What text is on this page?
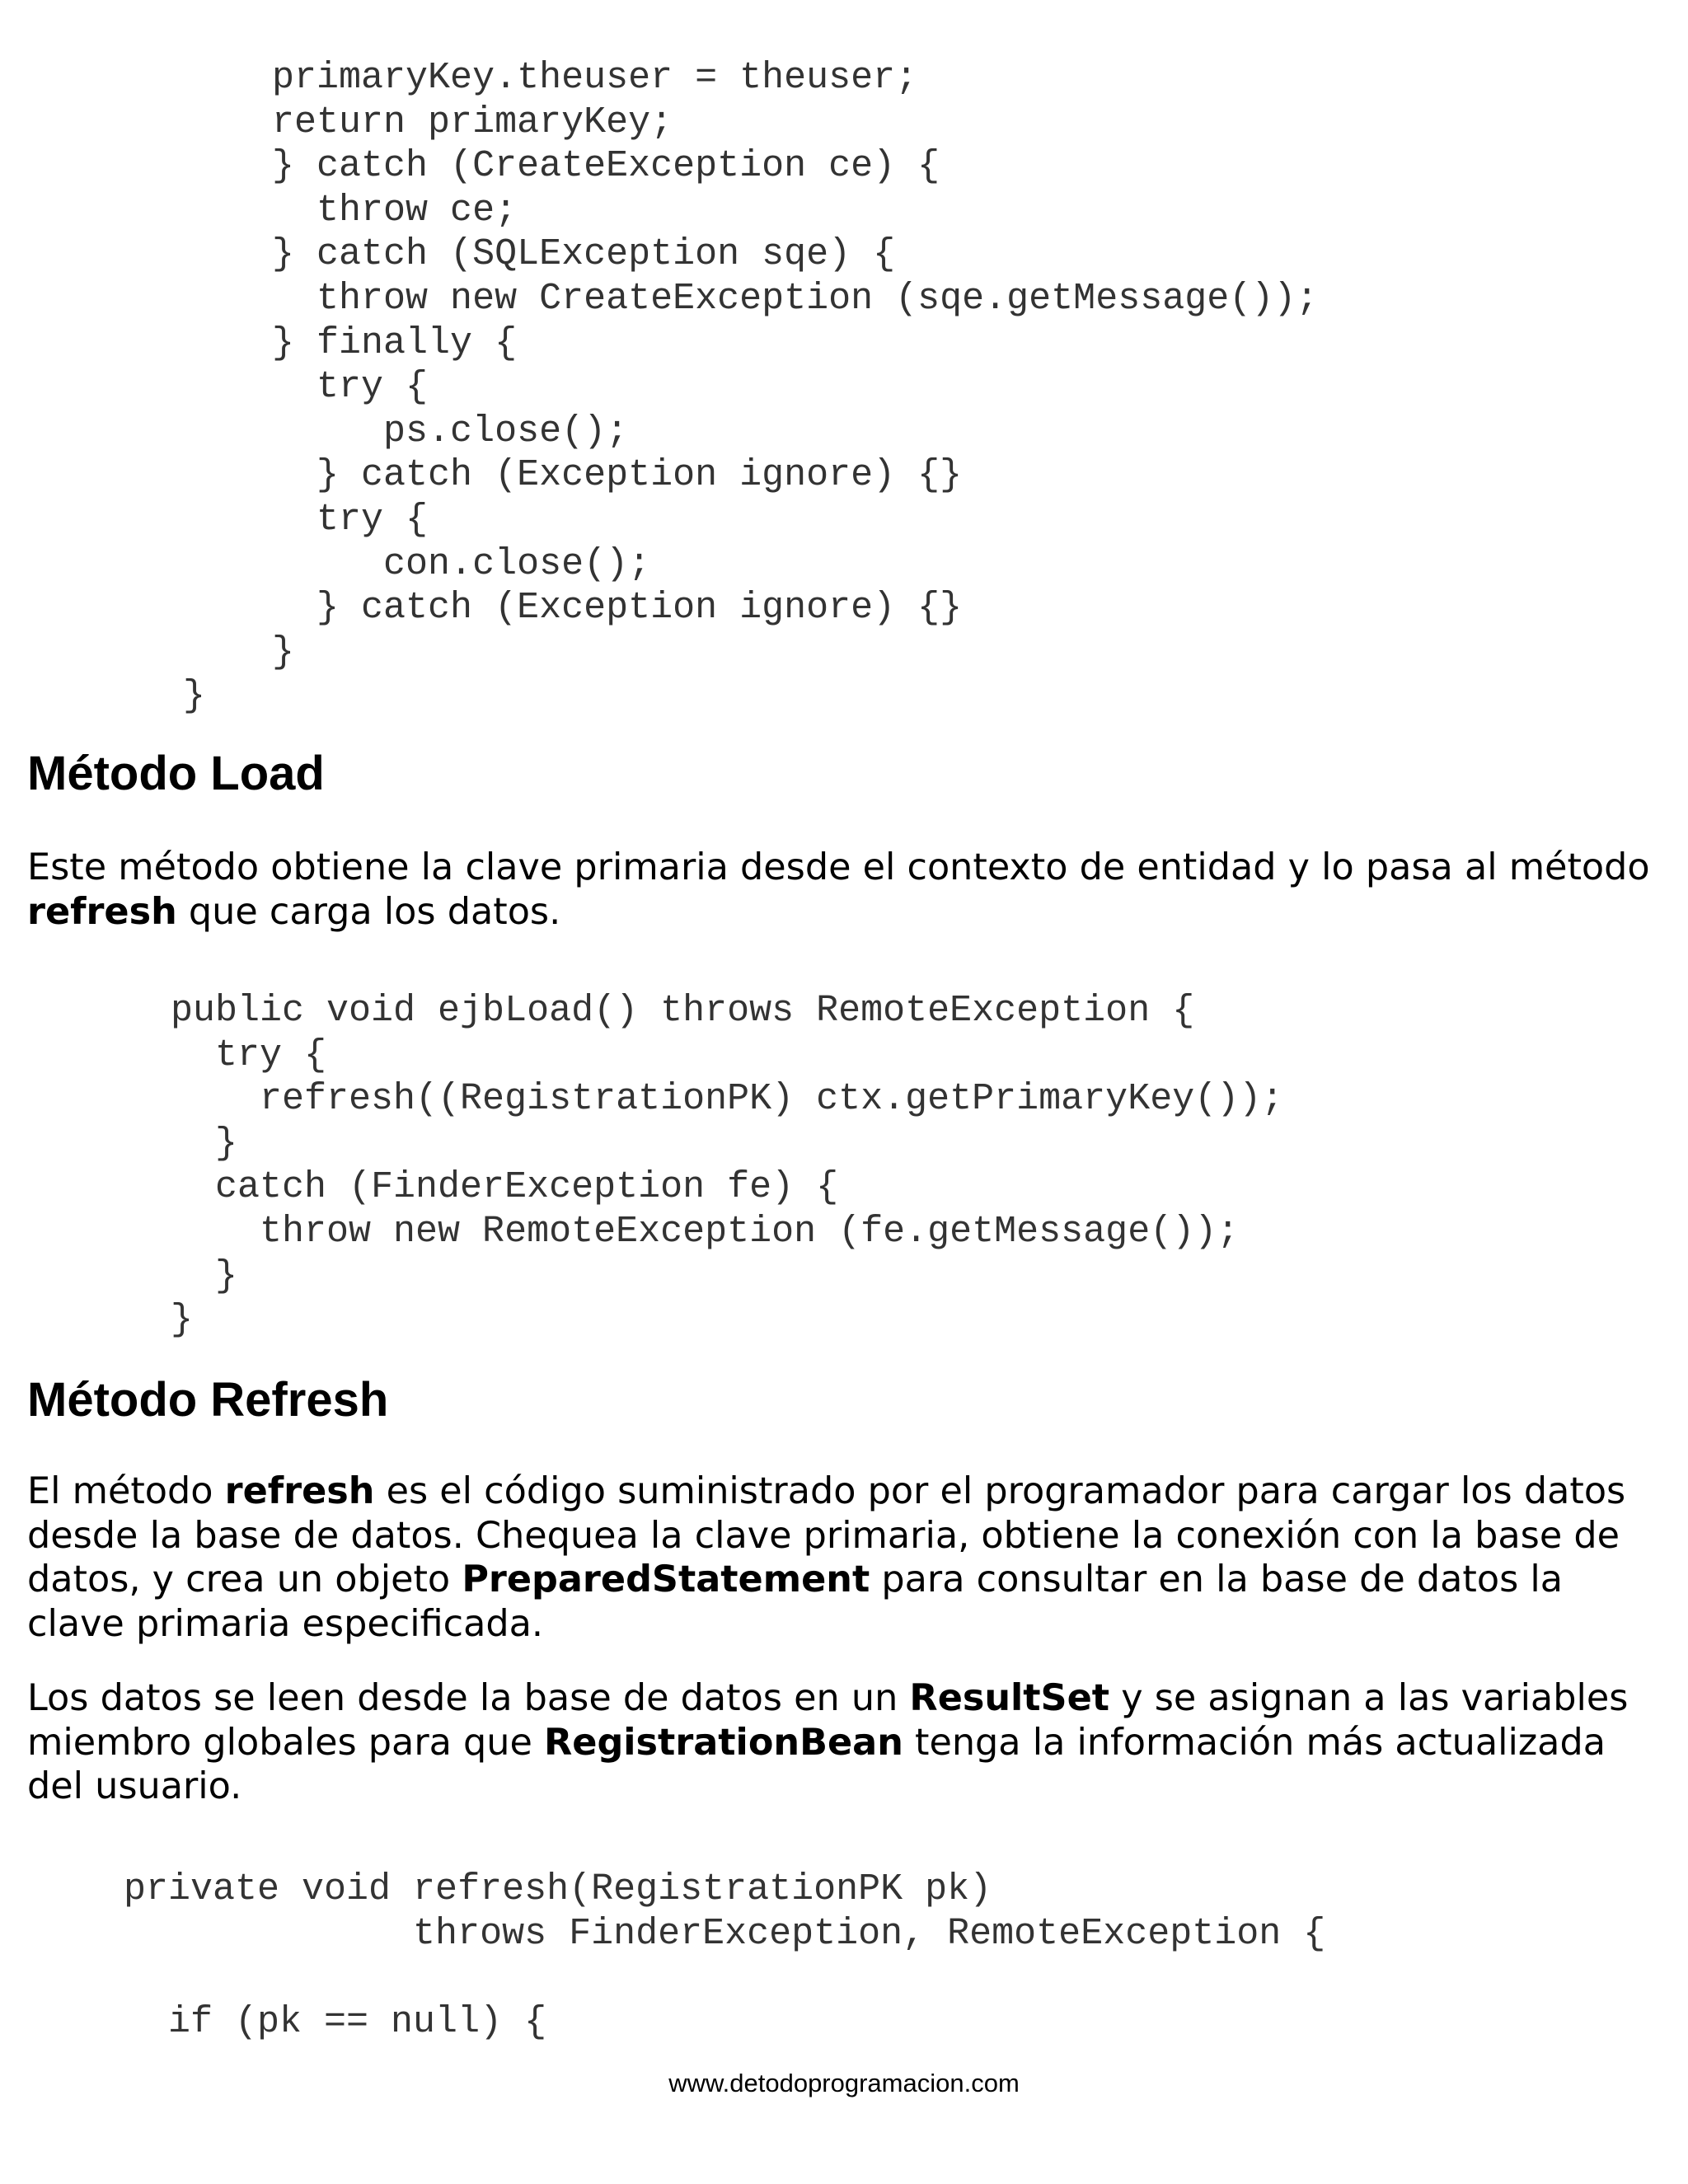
primaryKey.theuser = theuser;
return primaryKey;
} catch (CreateException ce) {
throw ce;
} catch (SQLException sqe) {
throw new CreateException (sqe.getMessage());
} finally {
try {
ps.close();
} catch (Exception ignore) {}
try {
con.close();
} catch (Exception ignore) {}
}
}
Método Load

Este método obtiene la clave primaria desde el contexto de entidad y lo pasa al método refresh que carga los datos.

public void ejbLoad() throws RemoteException {
try {
refresh((RegistrationPK) ctx.getPrimaryKey());
}
catch (FinderException fe) {
throw new RemoteException (fe.getMessage());
}
}
Método Refresh

El método refresh es el código suministrado por el programador para cargar los datos desde la base de datos. Chequea la clave primaria, obtiene la conexión con la base de datos, y crea un objeto PreparedStatement para consultar en la base de datos la clave primaria especificada.

Los datos se leen desde la base de datos en un ResultSet y se asignan a las variables miembro globales para que RegistrationBean tenga la información más actualizada del usuario.

private void refresh(RegistrationPK pk)
throws FinderException, RemoteException {

if (pk == null) {

www.detodoprogramacion.com
